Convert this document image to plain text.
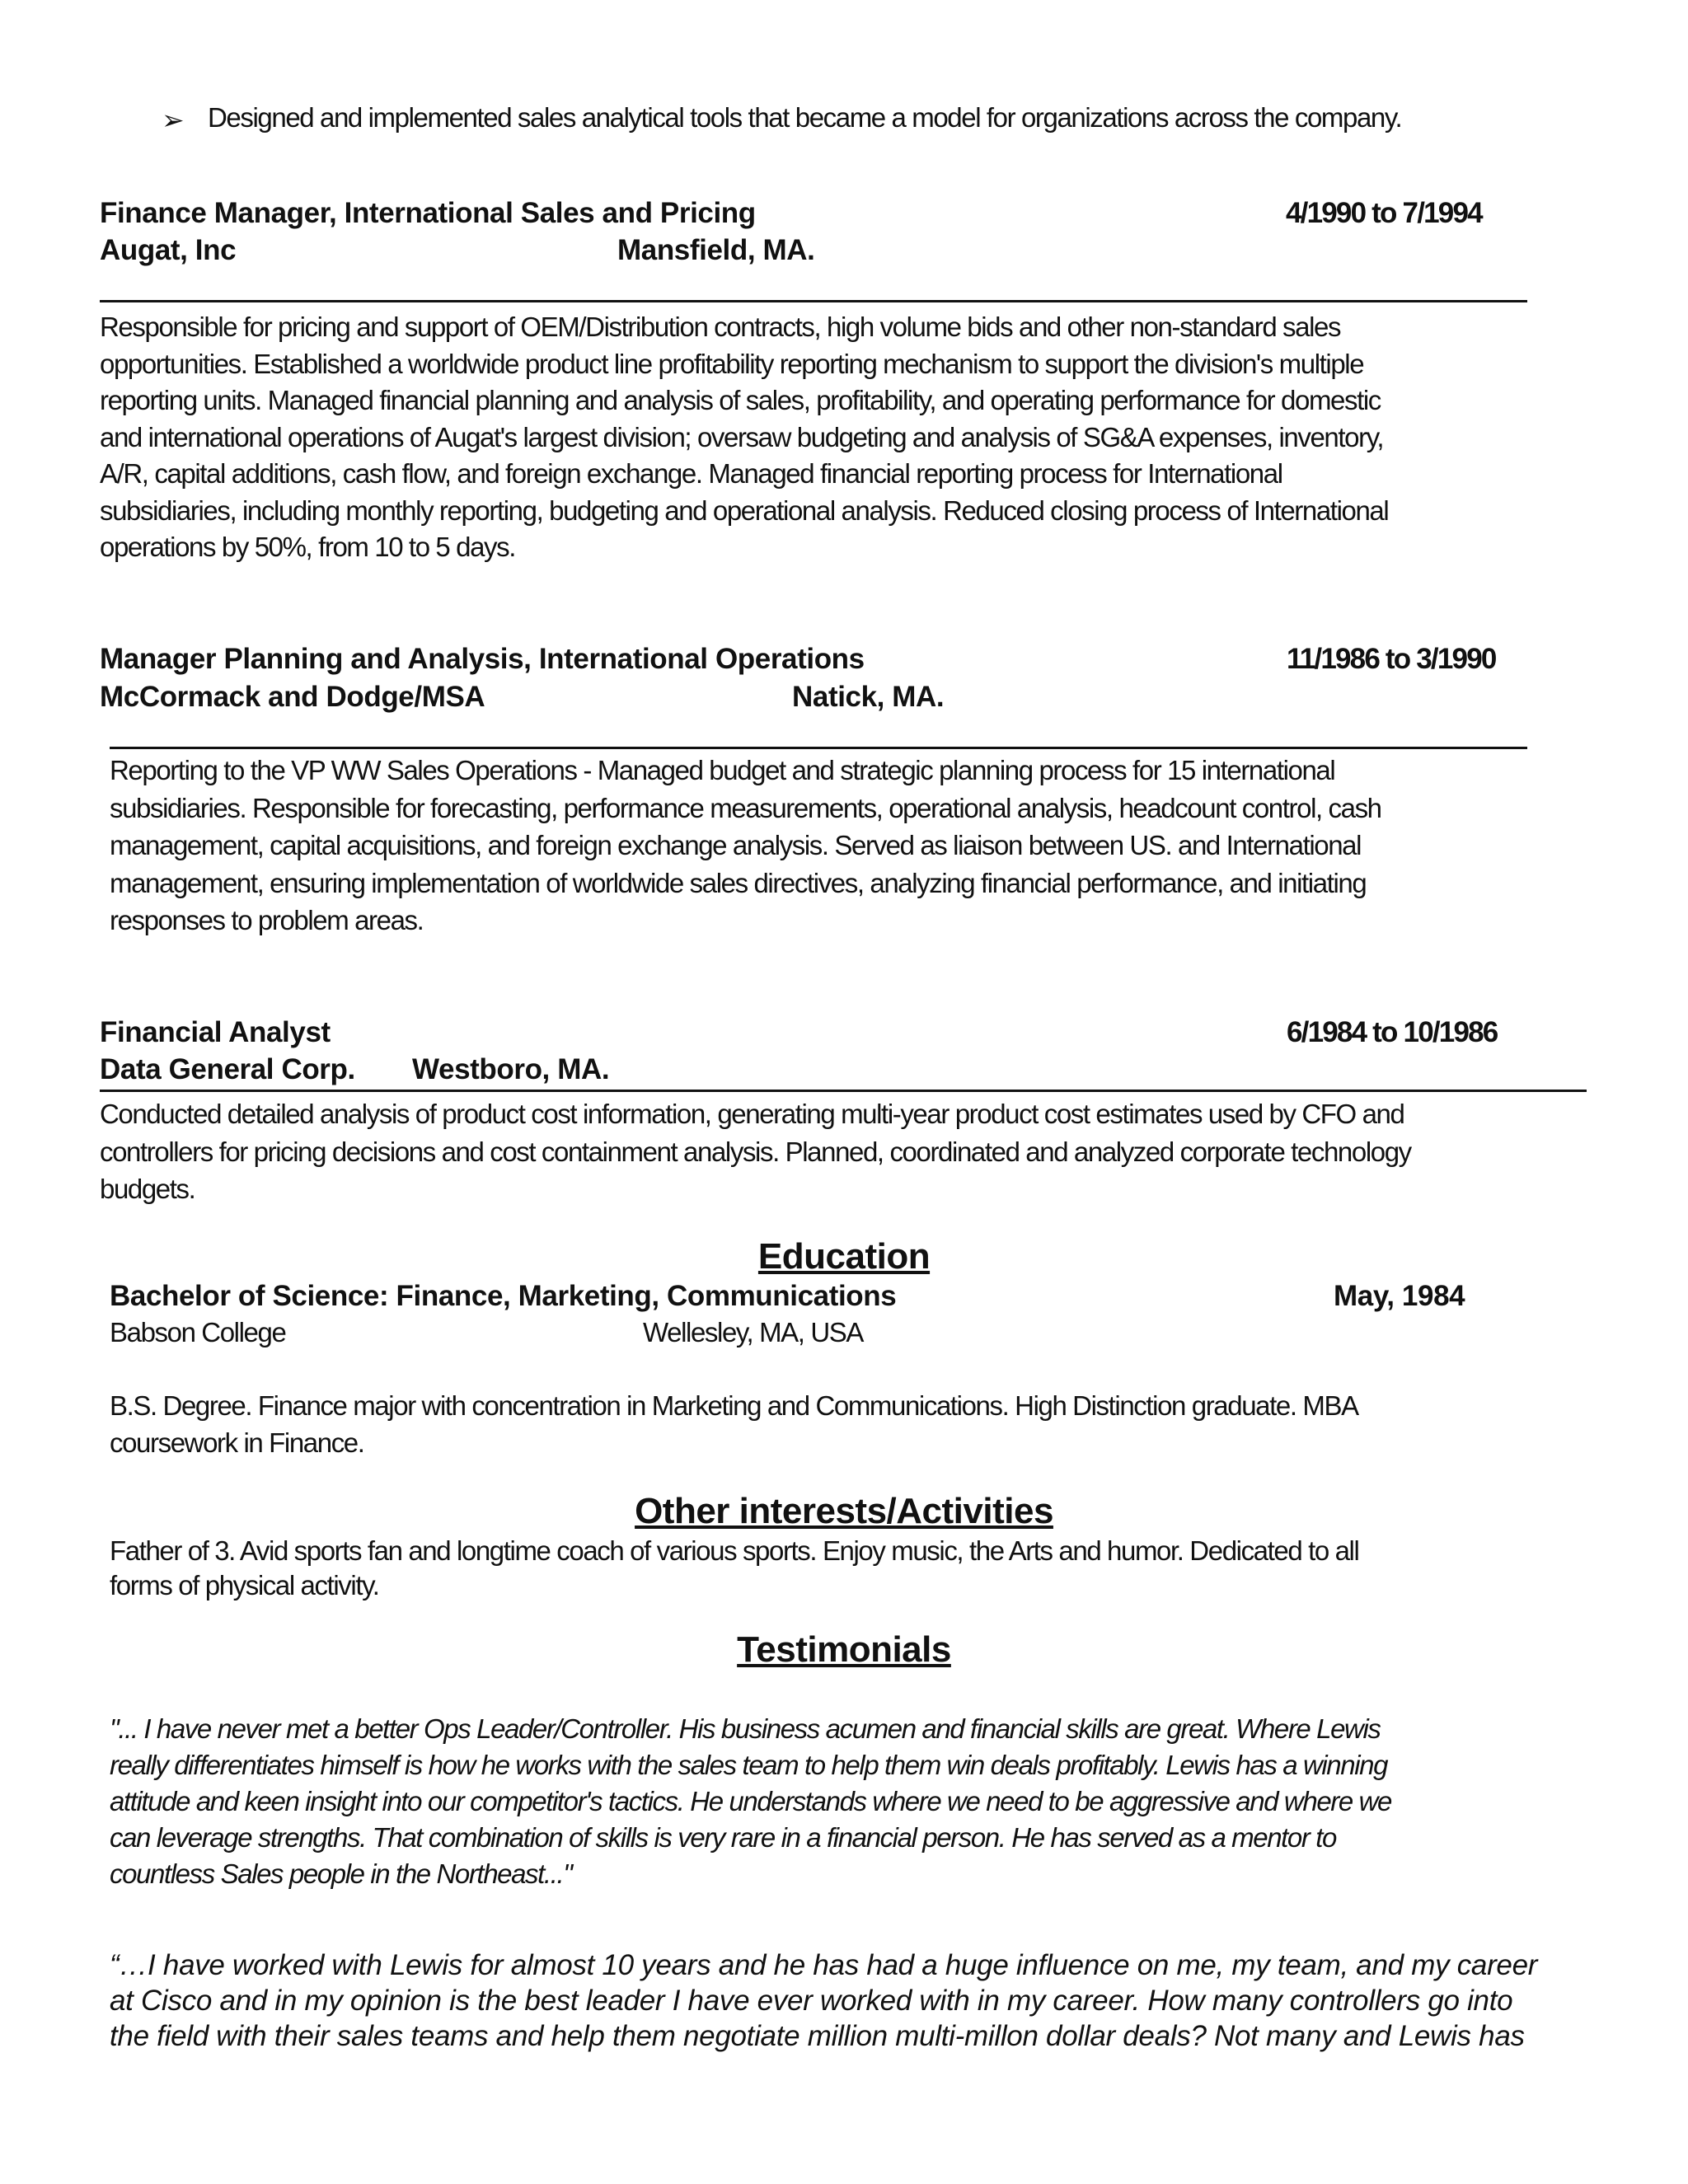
➢ Designed and implemented sales analytical tools that became a model for organizations across the company.
Finance Manager, International Sales and Pricing	4/1990 to 7/1994
Augat, Inc	Mansfield, MA.
Responsible for pricing and support of OEM/Distribution contracts, high volume bids and other non-standard sales
opportunities. Established a worldwide product line profitability reporting mechanism to support the division's multiple
reporting units. Managed financial planning and analysis of sales, profitability, and operating performance for domestic
and international operations of Augat's largest division; oversaw budgeting and analysis of SG&A expenses, inventory,
A/R, capital additions, cash flow, and foreign exchange. Managed financial reporting process for International
subsidiaries, including monthly reporting, budgeting and operational analysis. Reduced closing process of International
operations by 50%, from 10 to 5 days.
Manager Planning and Analysis, International Operations	11/1986 to 3/1990
McCormack and Dodge/MSA	Natick, MA.
Reporting to the VP WW Sales Operations - Managed budget and strategic planning process for 15 international
subsidiaries. Responsible for forecasting, performance measurements, operational analysis, headcount control, cash
management, capital acquisitions, and foreign exchange analysis. Served as liaison between US. and International
management, ensuring implementation of worldwide sales directives, analyzing financial performance, and initiating
responses to problem areas.
Financial Analyst	6/1984 to 10/1986
Data General Corp. Westboro, MA.
Conducted detailed analysis of product cost information, generating multi-year product cost estimates used by CFO and
controllers for pricing decisions and cost containment analysis. Planned, coordinated and analyzed corporate technology
budgets.
Education
Bachelor of Science: Finance, Marketing, Communications	May, 1984
Babson College	Wellesley, MA, USA
B.S. Degree. Finance major with concentration in Marketing and Communications. High Distinction graduate. MBA
coursework in Finance.
Other interests/Activities
Father of 3. Avid sports fan and longtime coach of various sports. Enjoy music, the Arts and humor. Dedicated to all
forms of physical activity.
Testimonials
"... I have never met a better Ops Leader/Controller. His business acumen and financial skills are great. Where Lewis
really differentiates himself is how he works with the sales team to help them win deals profitably. Lewis has a winning
attitude and keen insight into our competitor's tactics. He understands where we need to be aggressive and where we
can leverage strengths. That combination of skills is very rare in a financial person. He has served as a mentor to
countless Sales people in the Northeast..."
“…I have worked with Lewis for almost 10 years and he has had a huge influence on me, my team, and my career
at Cisco and in my opinion is the best leader I have ever worked with in my career. How many controllers go into
the field with their sales teams and help them negotiate million multi-millon dollar deals? Not many and Lewis has
